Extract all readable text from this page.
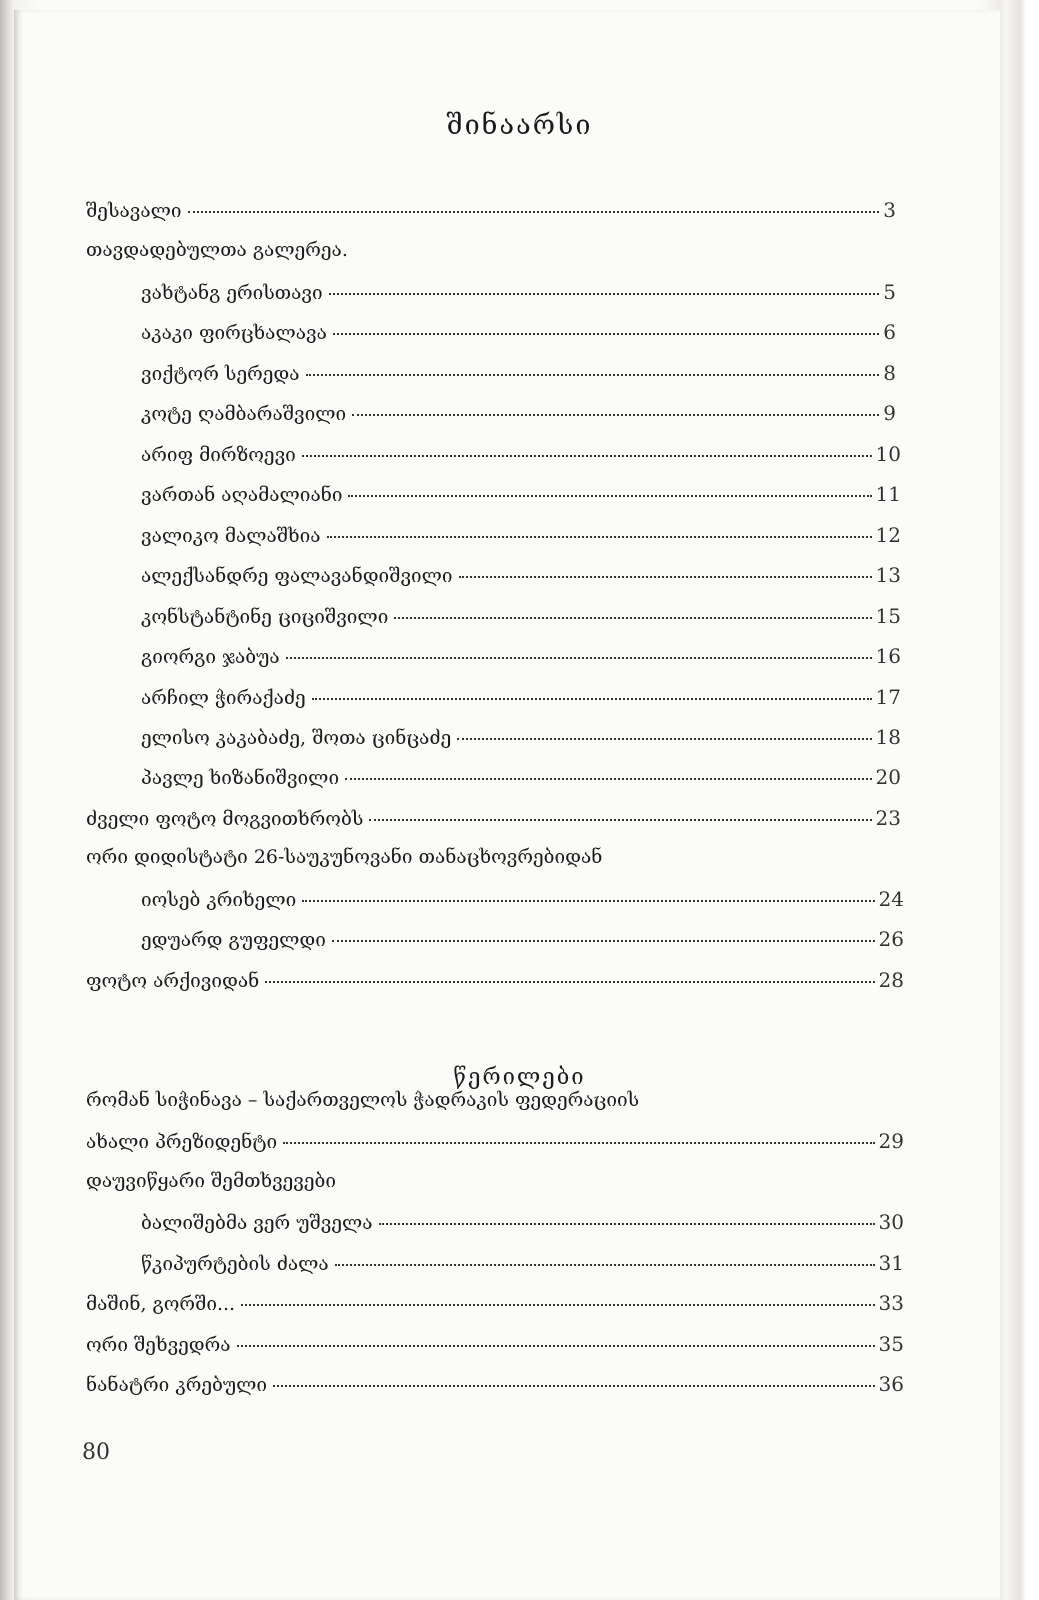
შინაარსი
შესავალი	3
თავდადებულთა გალერეა.
ვახტანგ ერისთავი	5
აკაკი ფირცხალავა	6
ვიქტორ სერედა	8
კოტე ღამბარაშვილი	9
არიფ მირზოევი	10
ვართან აღამალიანი	11
ვალიკო მალაშხია	12
ალექსანდრე ფალავანდიშვილი	13
კონსტანტინე ციციშვილი	15
გიორგი ჯაბუა	16
არჩილ ჭირაქაძე	17
ელისო კაკაბაძე, შოთა ცინცაძე	18
პავლე ხიზანიშვილი	20
ძველი ფოტო მოგვითხრობს	23
ორი დიდისტატი 26-საუკუნოვანი თანაცხოვრებიდან
იოსებ კრიხელი	24
ედუარდ გუფელდი	26
ფოტო არქივიდან	28
წერილები
რომან სიჭინავა – საქართველოს ჭადრაკის ფედერაციის
ახალი პრეზიდენტი	29
დაუვიწყარი შემთხვევები
ბალიშებმა ვერ უშველა	30
წკიპურტების ძალა	31
მაშინ, გორში...	33
ორი შეხვედრა	35
ნანატრი კრებული	36
80
